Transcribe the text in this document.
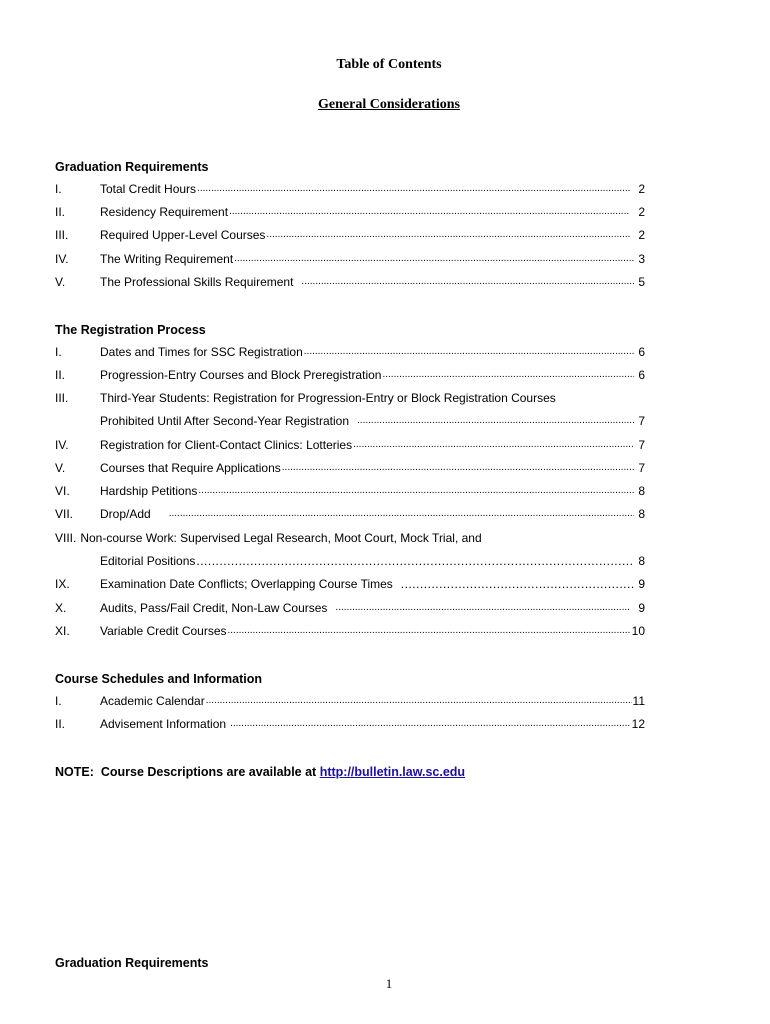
Table of Contents
General Considerations
Graduation Requirements
I.	Total Credit Hours .....	2
II.	Residency Requirement .....	2
III.	Required Upper-Level Courses .....	2
IV.	The Writing Requirement .....	3
V.	The Professional Skills Requirement .....	5
The Registration Process
I.	Dates and Times for SSC Registration .....	6
II.	Progression-Entry Courses and Block Preregistration .....	6
III.	Third-Year Students: Registration for Progression-Entry or Block Registration Courses
Prohibited Until After Second-Year Registration .....	7
IV.	Registration for Client-Contact Clinics: Lotteries .....	7
V.	Courses that Require Applications .....	7
VI.	Hardship Petitions .....	8
VII.	Drop/Add .....	8
VIII. Non-course Work: Supervised Legal Research, Moot Court, Mock Trial, and
Editorial Positions .....	8
IX.	Examination Date Conflicts; Overlapping Course Times .....	9
X.	Audits, Pass/Fail Credit, Non-Law Courses .....	9
XI.	Variable Credit Courses .....	10
Course Schedules and Information
I.	Academic Calendar .....	11
II.	Advisement Information .....	12
NOTE:  Course Descriptions are available at http://bulletin.law.sc.edu
Graduation Requirements
1
